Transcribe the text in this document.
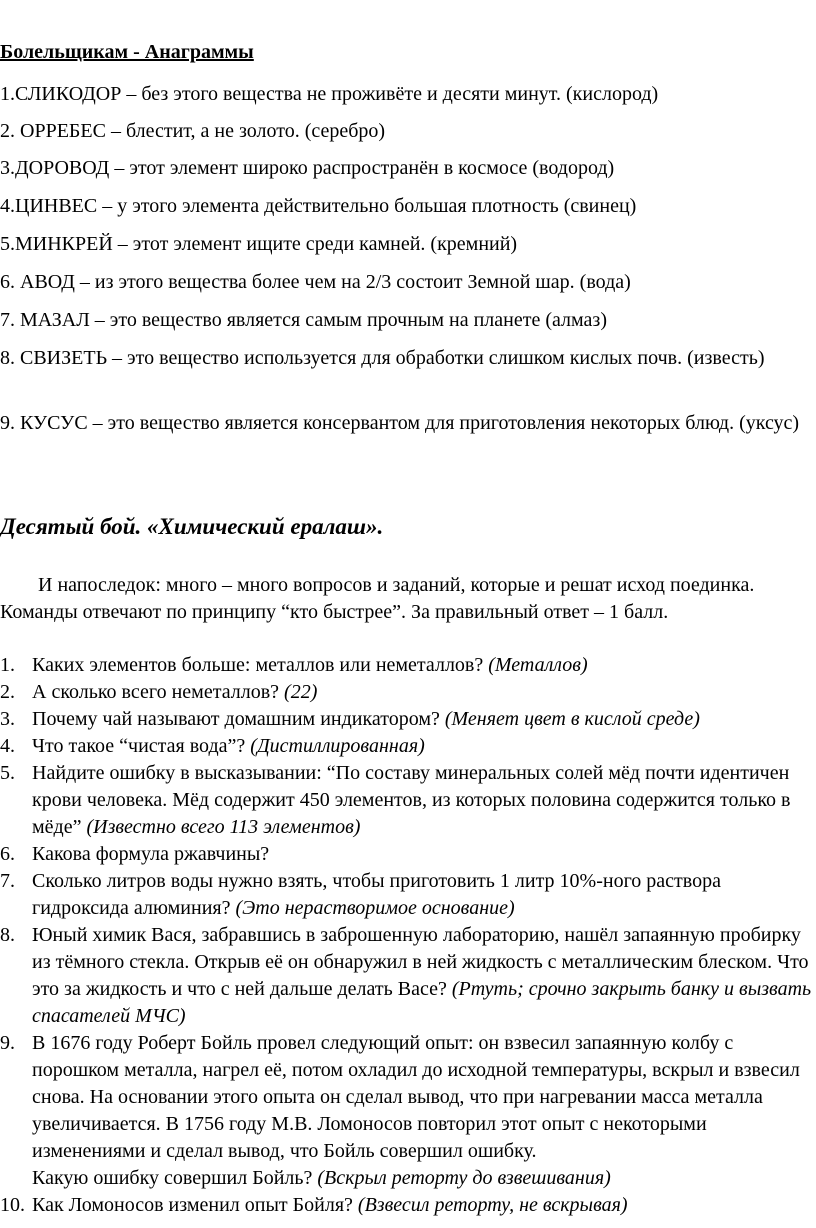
Болельщикам - Анаграммы
1.СЛИКОДОР – без этого вещества не проживёте и десяти минут. (кислород)
2. ОРРЕБЕС – блестит, а не золото. (серебро)
3.ДОРОВОД – этот элемент широко распространён в космосе (водород)
4.ЦИНВЕС – у этого элемента действительно большая плотность (свинец)
5.МИНКРЕЙ – этот элемент ищите среди камней. (кремний)
6. АВОД – из этого вещества более чем на 2/3 состоит Земной шар. (вода)
7. МАЗАЛ – это вещество является самым прочным на планете (алмаз)
8. СВИЗЕТЬ – это вещество используется для обработки слишком кислых почв. (известь)
9. КУСУС – это вещество является консервантом для приготовления некоторых блюд. (уксус)
Десятый бой. «Химический ералаш».
И напоследок: много – много вопросов и заданий, которые и решат исход поединка. Команды отвечают по принципу “кто быстрее”. За правильный ответ – 1 балл.
1. Каких элементов больше: металлов или неметаллов? (Металлов)
2. А сколько всего неметаллов? (22)
3. Почему чай называют домашним индикатором? (Меняет цвет в кислой среде)
4. Что такое “чистая вода”? (Дистиллированная)
5. Найдите ошибку в высказывании: “По составу минеральных солей мёд почти идентичен крови человека. Мёд содержит 450 элементов, из которых половина содержится только в мёде” (Известно всего 113 элементов)
6. Какова формула ржавчины?
7. Сколько литров воды нужно взять, чтобы приготовить 1 литр 10%-ного раствора гидроксида алюминия? (Это нерастворимое основание)
8. Юный химик Вася, забравшись в заброшенную лабораторию, нашёл запаянную пробирку из тёмного стекла. Открыв её он обнаружил в ней жидкость с металлическим блеском. Что это за жидкость и что с ней дальше делать Васе? (Ртуть; срочно закрыть банку и вызвать спасателей МЧС)
9. В 1676 году Роберт Бойль провел следующий опыт: он взвесил запаянную колбу с порошком металла, нагрел её, потом охладил до исходной температуры, вскрыл и взвесил снова. На основании этого опыта он сделал вывод, что при нагревании масса металла увеличивается. В 1756 году М.В. Ломоносов повторил этот опыт с некоторыми изменениями и сделал вывод, что Бойль совершил ошибку.
Какую ошибку совершил Бойль? (Вскрыл реторту до взвешивания)
10. Как Ломоносов изменил опыт Бойля? (Взвесил реторту, не вскрывая)
